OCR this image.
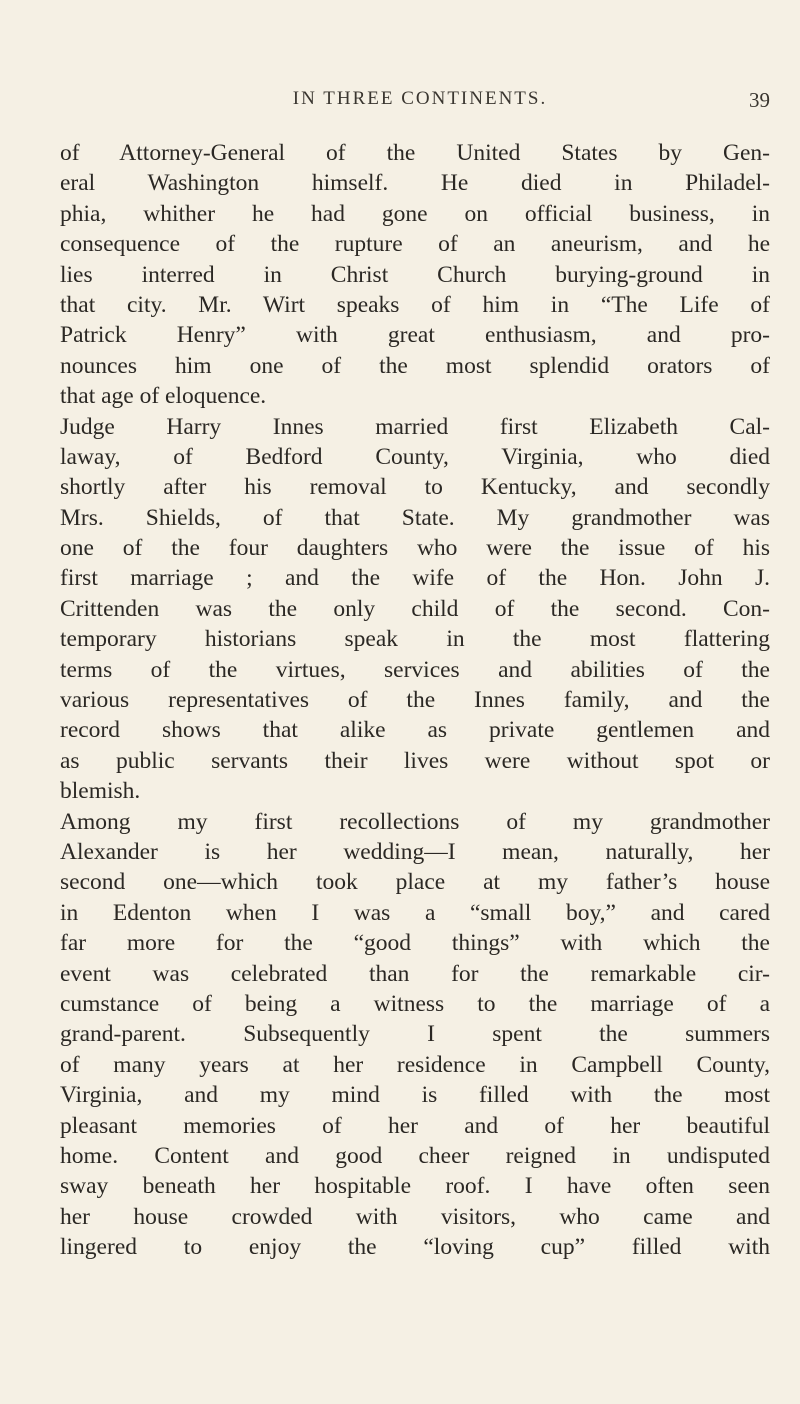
IN THREE CONTINENTS.	39
of Attorney-General of the United States by Gen-
eral Washington himself. He died in Philadel-
phia, whither he had gone on official business, in
consequence of the rupture of an aneurism, and he
lies interred in Christ Church burying-ground in
that city. Mr. Wirt speaks of him in “The Life of
Patrick Henry” with great enthusiasm, and pro-
nounces him one of the most splendid orators of
that age of eloquence.
Judge Harry Innes married first Elizabeth Cal-
laway, of Bedford County, Virginia, who died
shortly after his removal to Kentucky, and secondly
Mrs. Shields, of that State. My grandmother was
one of the four daughters who were the issue of his
first marriage ; and the wife of the Hon. John J.
Crittenden was the only child of the second. Con-
temporary historians speak in the most flattering
terms of the virtues, services and abilities of the
various representatives of the Innes family, and the
record shows that alike as private gentlemen and
as public servants their lives were without spot or
blemish.
Among my first recollections of my grandmother
Alexander is her wedding—I mean, naturally, her
second one—which took place at my father’s house
in Edenton when I was a “small boy,” and cared
far more for the “good things” with which the
event was celebrated than for the remarkable cir-
cumstance of being a witness to the marriage of a
grand-parent. Subsequently I spent the summers
of many years at her residence in Campbell County,
Virginia, and my mind is filled with the most
pleasant memories of her and of her beautiful
home. Content and good cheer reigned in undisputed
sway beneath her hospitable roof. I have often seen
her house crowded with visitors, who came and
lingered to enjoy the “loving cup” filled with
